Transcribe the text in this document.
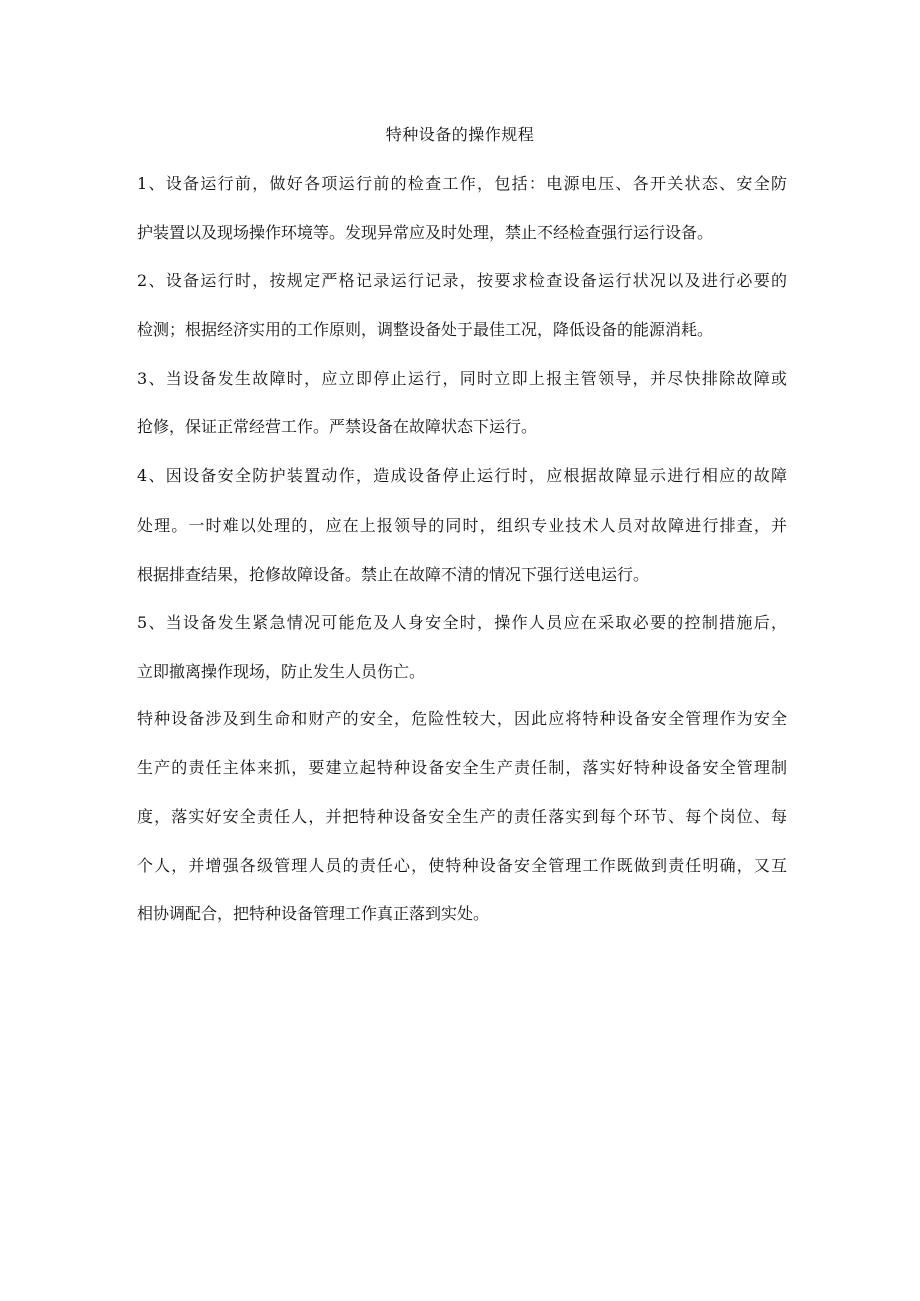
特种设备的操作规程
1、设备运行前，做好各项运行前的检查工作，包括：电源电压、各开关状态、安全防
护装置以及现场操作环境等。发现异常应及时处理，禁止不经检查强行运行设备。
2、设备运行时，按规定严格记录运行记录，按要求检查设备运行状况以及进行必要的
检测；根据经济实用的工作原则，调整设备处于最佳工况，降低设备的能源消耗。
3、当设备发生故障时，应立即停止运行，同时立即上报主管领导，并尽快排除故障或
抢修，保证正常经营工作。严禁设备在故障状态下运行。
4、因设备安全防护装置动作，造成设备停止运行时，应根据故障显示进行相应的故障
处理。一时难以处理的，应在上报领导的同时，组织专业技术人员对故障进行排查，并
根据排查结果，抢修故障设备。禁止在故障不清的情况下强行送电运行。
5、当设备发生紧急情况可能危及人身安全时，操作人员应在采取必要的控制措施后，
立即撤离操作现场，防止发生人员伤亡。
特种设备涉及到生命和财产的安全，危险性较大，因此应将特种设备安全管理作为安全
生产的责任主体来抓，要建立起特种设备安全生产责任制，落实好特种设备安全管理制
度，落实好安全责任人，并把特种设备安全生产的责任落实到每个环节、每个岗位、每
个人，并增强各级管理人员的责任心，使特种设备安全管理工作既做到责任明确，又互
相协调配合，把特种设备管理工作真正落到实处。
